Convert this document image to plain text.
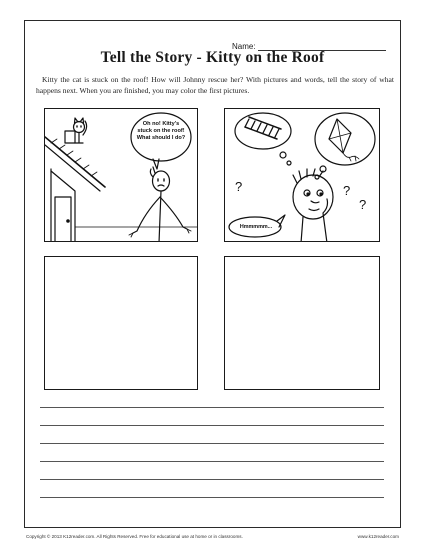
Name:
Tell the Story - Kitty on the Roof
Kitty the cat is stuck on the roof! How will Johnny rescue her? With pictures and words, tell the story of what happens next. When you are finished, you may color the first pictures.
Oh no! Kitty's stuck on the roof! What should I do?
?	?
?
Hmmmmm...
Copyright © 2013 K12reader.com. All Rights Reserved. Free for educational use at home or in classrooms.	www.k12reader.com
